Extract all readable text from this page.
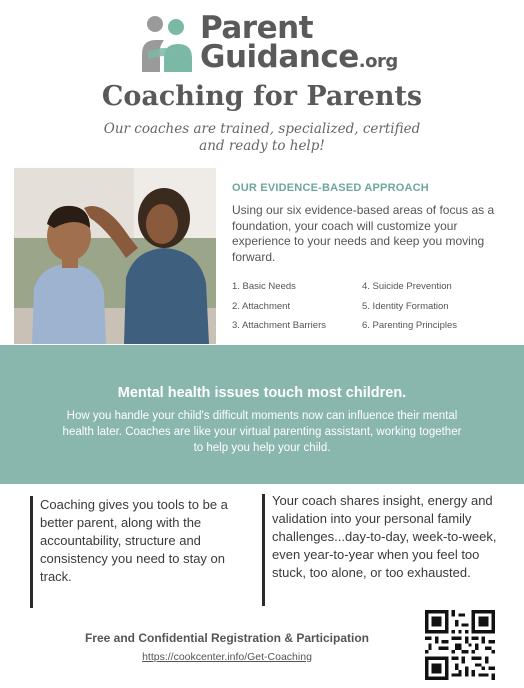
Parent
Guidance.org
Coaching for Parents
Our coaches are trained, specialized, certified
and ready to help!
OUR EVIDENCE-BASED APPROACH
Using our six evidence-based areas of focus as a foundation, your coach will customize your experience to your needs and keep you moving forward.
1. Basic Needs
2. Attachment
3. Attachment Barriers
4. Suicide Prevention
5. Identity Formation
6. Parenting Principles
Mental health issues touch most children.
How you handle your child's difficult moments now can influence their mental health later. Coaches are like your virtual parenting assistant, working together to help you help your child.
Coaching gives you tools to be a better parent, along with the accountability, structure and consistency you need to stay on track.
Your coach shares insight, energy and validation into your personal family challenges...day-to-day, week-to-week, even year-to-year when you feel too stuck, too alone, or too exhausted.
Free and Confidential Registration & Participation
https://cookcenter.info/Get-Coaching
